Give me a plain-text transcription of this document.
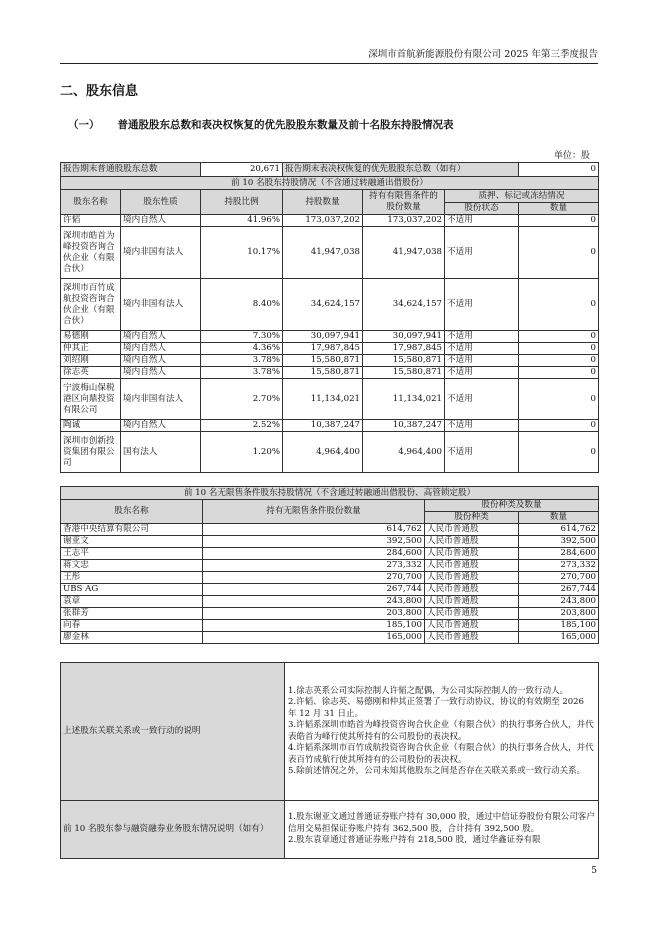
深圳市首航新能源股份有限公司 2025 年第三季度报告
二、股东信息
（一） 普通股股东总数和表决权恢复的优先股股东数量及前十名股东持股情况表
单位：股
报告期末普通股股东总数		20,671	报告期末表决权恢复的优先股股东总数（如有）			0
前 10 名股东持股情况（不含通过转融通出借股份）						
股东名称	股东性质	持股比例	持股数量	持有有限售条件的股份数量	质押、标记或冻结情况	
					股份状态	数量
许韬	境内自然人	41.96%	173,037,202	173,037,202	不适用	0
深圳市皓首为峰投资咨询合伙企业（有限合伙）	境内非国有法人	10.17%	41,947,038	41,947,038	不适用	0
深圳市百竹成航投资咨询合伙企业（有限合伙）	境内非国有法人	8.40%	34,624,157	34,624,157	不适用	0
易德刚	境内自然人	7.30%	30,097,941	30,097,941	不适用	0
仲其正	境内自然人	4.36%	17,987,845	17,987,845	不适用	0
刘绍刚	境内自然人	3.78%	15,580,871	15,580,871	不适用	0
徐志英	境内自然人	3.78%	15,580,871	15,580,871	不适用	0
宁波梅山保税港区向鼎投资有限公司	境内非国有法人	2.70%	11,134,021	11,134,021	不适用	0
陶诚	境内自然人	2.52%	10,387,247	10,387,247	不适用	0
深圳市创新投资集团有限公司	国有法人	1.20%	4,964,400	4,964,400	不适用	0
前 10 名无限售条件股东持股情况（不含通过转融通出借股份、高管锁定股）			
股东名称	持有无限售条件股份数量	股份种类及数量	
		股份种类	数量
香港中央结算有限公司	614,762	人民币普通股	614,762
谢亚文	392,500	人民币普通股	392,500
王志平	284,600	人民币普通股	284,600
蒋文忠	273,332	人民币普通股	273,332
王彤	270,700	人民币普通股	270,700
UBS AG	267,744	人民币普通股	267,744
袁章	243,800	人民币普通股	243,800
张群芳	203,800	人民币普通股	203,800
向春	185,100	人民币普通股	185,100
廖金林	165,000	人民币普通股	165,000
上述股东关联关系或一致行动的说明	1.徐志英系公司实际控制人许韬之配偶，为公司实际控制人的一致行动人。
2.许韬、徐志英、易德刚和仲其正签署了一致行动协议，协议的有效期至 2026 年 12 月 31 日止。
3.许韬系深圳市皓首为峰投资咨询合伙企业（有限合伙）的执行事务合伙人，并代表皓首为峰行使其所持有的公司股份的表决权。
4.许韬系深圳市百竹成航投资咨询合伙企业（有限合伙）的执行事务合伙人，并代表百竹成航行使其所持有的公司股份的表决权。
5.除前述情况之外，公司未知其他股东之间是否存在关联关系或一致行动关系。

前 10 名股东参与融资融券业务股东情况说明（如有）	1.股东谢亚文通过普通证券账户持有 30,000 股，通过中信证券股份有限公司客户信用交易担保证券账户持有 362,500 股，合计持有 392,500 股。
2.股东袁章通过普通证券账户持有 218,500 股，通过华鑫证券有限
5
